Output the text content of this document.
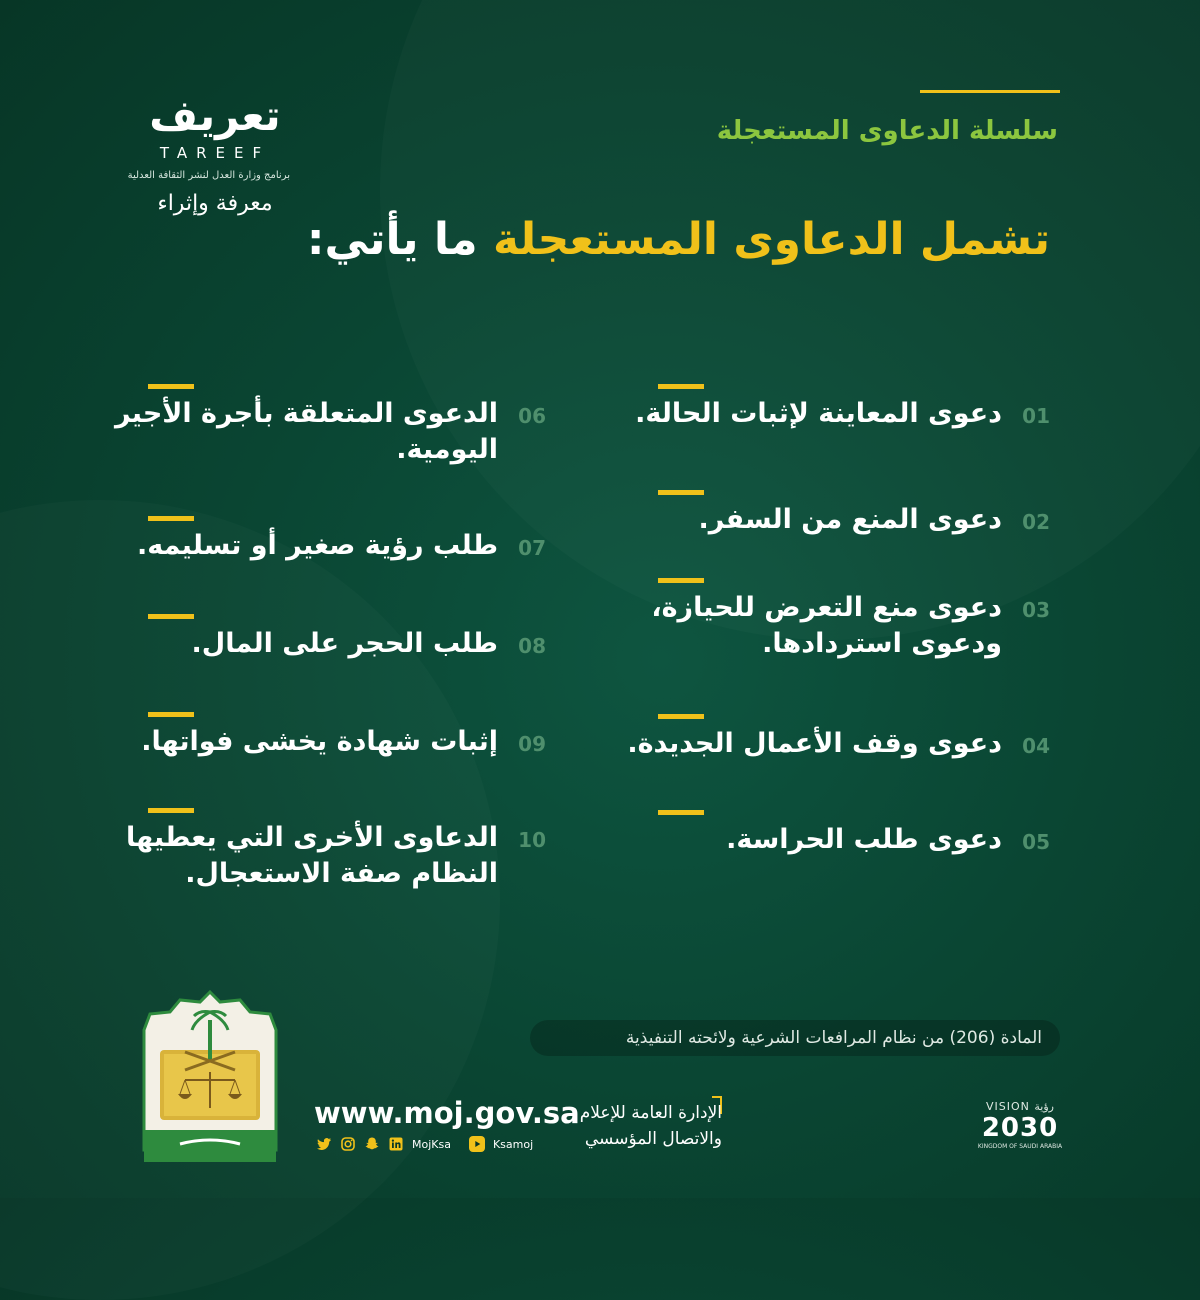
تعريف
TAREEF
برنامج وزارة العدل لنشر الثقافة العدلية
معرفة وإثراء
سلسلة الدعاوى المستعجلة
تشمل الدعاوى المستعجلة ما يأتي:
01
دعوى المعاينة لإثبات الحالة.
02
دعوى المنع من السفر.
03
دعوى منع التعرض للحيازة،
ودعوى استردادها.
04
دعوى وقف الأعمال الجديدة.
05
دعوى طلب الحراسة.
06
الدعوى المتعلقة بأجرة الأجير
اليومية.
07
طلب رؤية صغير أو تسليمه.
08
طلب الحجر على المال.
09
إثبات شهادة يخشى فواتها.
10
الدعاوى الأخرى التي يعطيها
النظام صفة الاستعجال.
المادة (206) من نظام المرافعات الشرعية ولائحته التنفيذية
www.moj.gov.sa
MojKsa	Ksamoj
الإدارة العامة للإعلام
والاتصال المؤسسي
VISION رؤية
2030
KINGDOM OF SAUDI ARABIA
